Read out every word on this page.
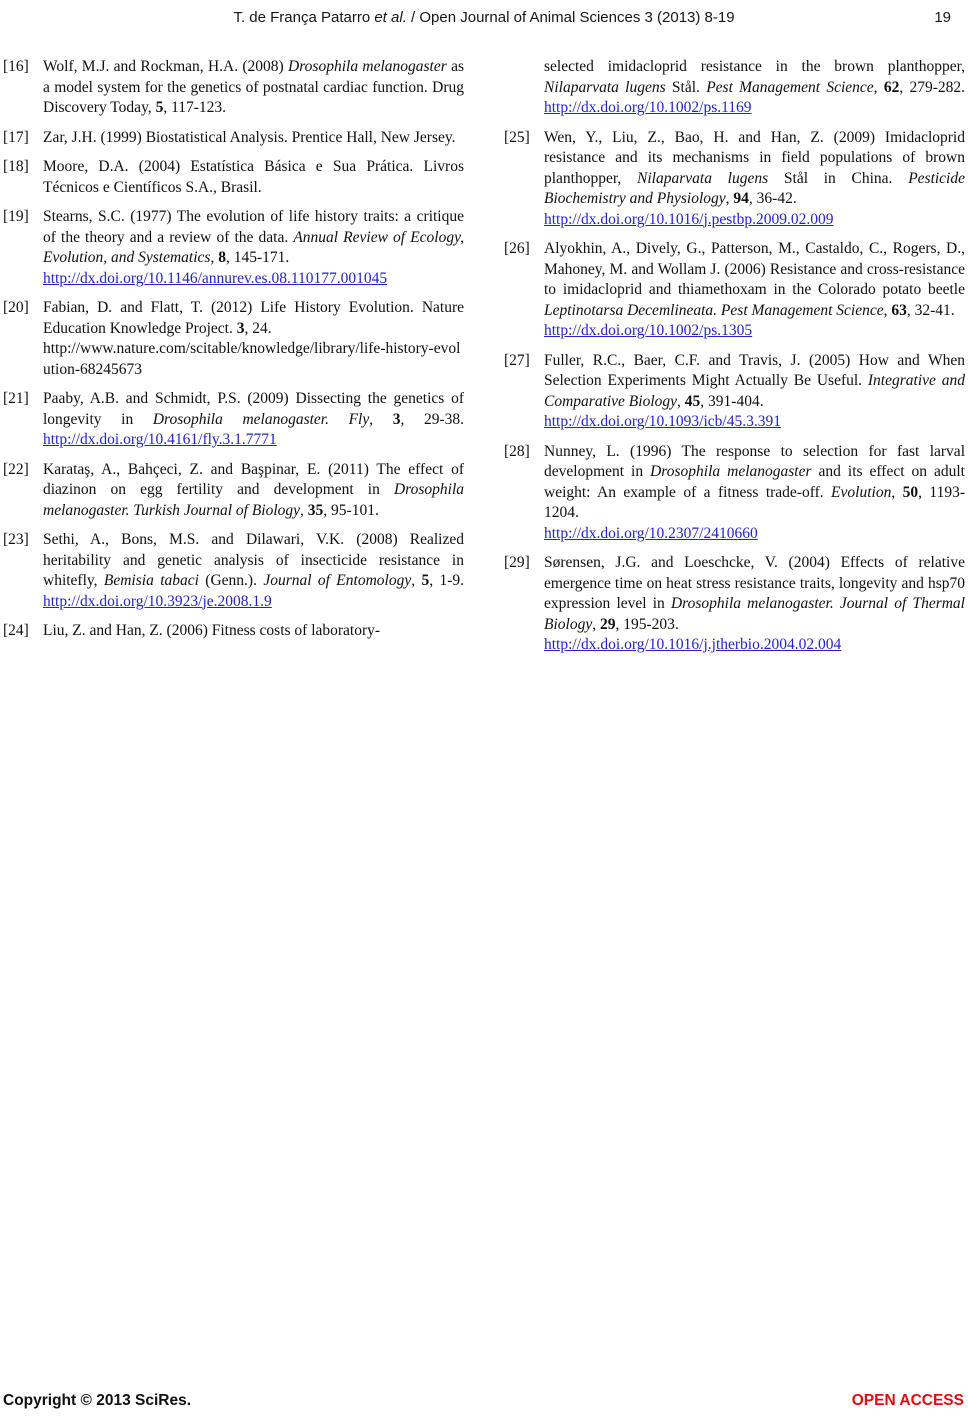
T. de França Patarro et al. / Open Journal of Animal Sciences 3 (2013) 8-19	19
[16] Wolf, M.J. and Rockman, H.A. (2008) Drosophila melanogaster as a model system for the genetics of postnatal cardiac function. Drug Discovery Today, 5, 117-123.
[17] Zar, J.H. (1999) Biostatistical Analysis. Prentice Hall, New Jersey.
[18] Moore, D.A. (2004) Estatística Básica e Sua Prática. Livros Técnicos e Científicos S.A., Brasil.
[19] Stearns, S.C. (1977) The evolution of life history traits: a critique of the theory and a review of the data. Annual Review of Ecology, Evolution, and Systematics, 8, 145-171.
http://dx.doi.org/10.1146/annurev.es.08.110177.001045
[20] Fabian, D. and Flatt, T. (2012) Life History Evolution. Nature Education Knowledge Project. 3, 24.
http://www.nature.com/scitable/knowledge/library/life-history-evolution-68245673
[21] Paaby, A.B. and Schmidt, P.S. (2009) Dissecting the genetics of longevity in Drosophila melanogaster. Fly, 3, 29-38. http://dx.doi.org/10.4161/fly.3.1.7771
[22] Karataş, A., Bahçeci, Z. and Başpinar, E. (2011) The effect of diazinon on egg fertility and development in Drosophila melanogaster. Turkish Journal of Biology, 35, 95-101.
[23] Sethi, A., Bons, M.S. and Dilawari, V.K. (2008) Realized heritability and genetic analysis of insecticide resistance in whitefly, Bemisia tabaci (Genn.). Journal of Entomology, 5, 1-9. http://dx.doi.org/10.3923/je.2008.1.9
[24] Liu, Z. and Han, Z. (2006) Fitness costs of laboratory-
selected imidacloprid resistance in the brown planthopper, Nilaparvata lugens Stål. Pest Management Science, 62, 279-282. http://dx.doi.org/10.1002/ps.1169
[25] Wen, Y., Liu, Z., Bao, H. and Han, Z. (2009) Imidacloprid resistance and its mechanisms in field populations of brown planthopper, Nilaparvata lugens Stål in China. Pesticide Biochemistry and Physiology, 94, 36-42.
http://dx.doi.org/10.1016/j.pestbp.2009.02.009
[26] Alyokhin, A., Dively, G., Patterson, M., Castaldo, C., Rogers, D., Mahoney, M. and Wollam J. (2006) Resistance and cross-resistance to imidacloprid and thiamethoxam in the Colorado potato beetle Leptinotarsa Decemlineata. Pest Management Science, 63, 32-41.
http://dx.doi.org/10.1002/ps.1305
[27] Fuller, R.C., Baer, C.F. and Travis, J. (2005) How and When Selection Experiments Might Actually Be Useful. Integrative and Comparative Biology, 45, 391-404.
http://dx.doi.org/10.1093/icb/45.3.391
[28] Nunney, L. (1996) The response to selection for fast larval development in Drosophila melanogaster and its effect on adult weight: An example of a fitness trade-off. Evolution, 50, 1193-1204.
http://dx.doi.org/10.2307/2410660
[29] Sørensen, J.G. and Loeschcke, V. (2004) Effects of relative emergence time on heat stress resistance traits, longevity and hsp70 expression level in Drosophila melanogaster. Journal of Thermal Biology, 29, 195-203.
http://dx.doi.org/10.1016/j.jtherbio.2004.02.004
Copyright © 2013 SciRes.	OPEN ACCESS
